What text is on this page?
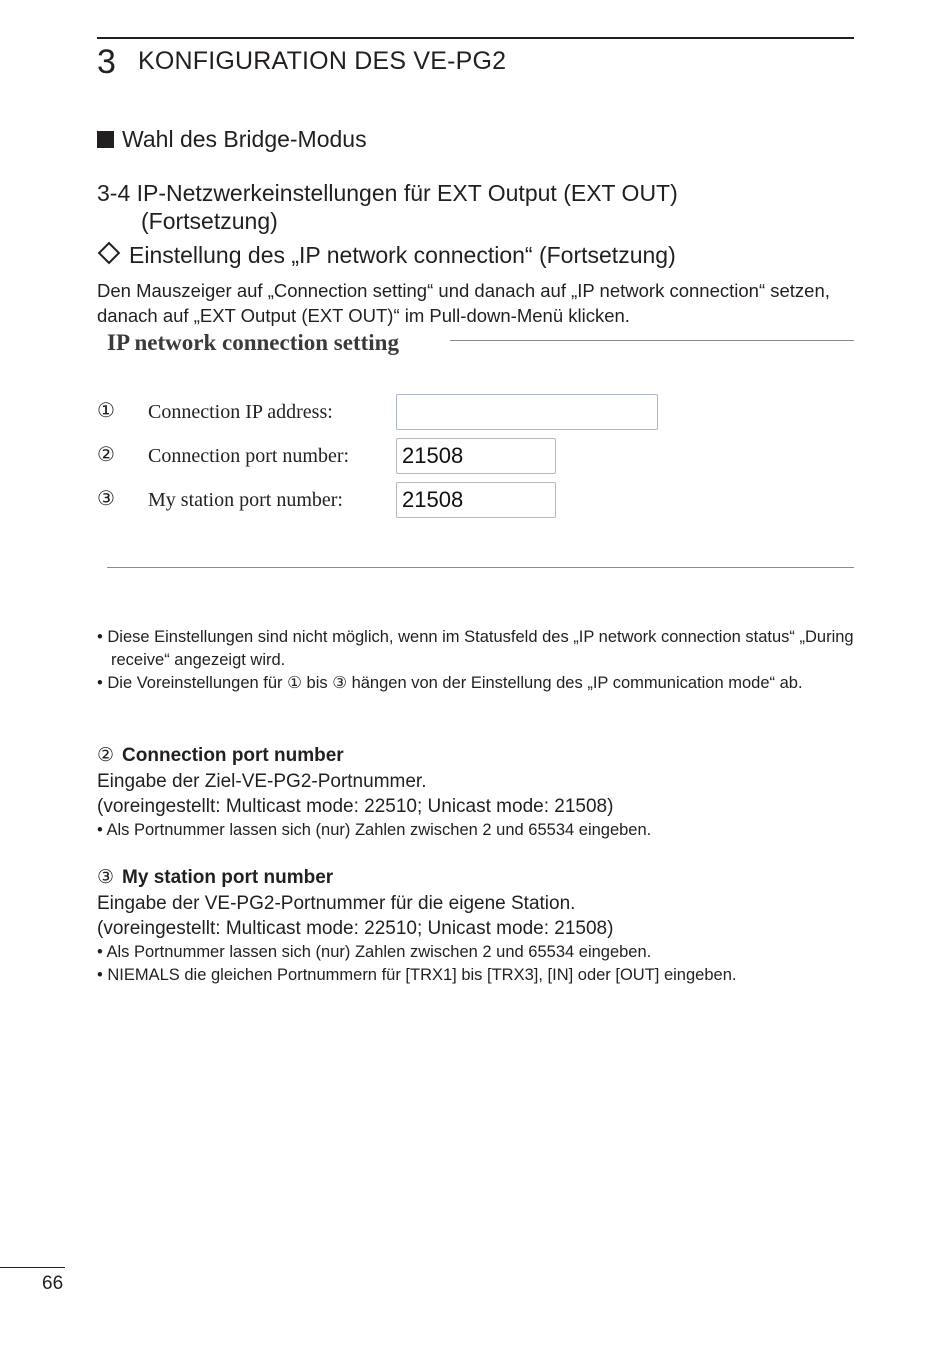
3 KONFIGURATION DES VE-PG2
Wahl des Bridge-Modus
3-4 IP-Netzwerkeinstellungen für EXT Output (EXT OUT)
(Fortsetzung)
Einstellung des „IP network connection“ (Fortsetzung)
Den Mauszeiger auf „Connection setting“ und danach auf „IP network connection“ setzen, danach auf „EXT Output (EXT OUT)“ im Pull-down-Menü klicken.
IP network connection setting
① Connection IP address:
② Connection port number:
21508
③ My station port number:
21508
• Diese Einstellungen sind nicht möglich, wenn im Statusfeld des „IP network connection status“ „During receive“ angezeigt wird.
• Die Voreinstellungen für ① bis ③ hängen von der Einstellung des „IP communication mode“ ab.
② Connection port number
Eingabe der Ziel-VE-PG2-Portnummer.
(voreingestellt: Multicast mode: 22510; Unicast mode: 21508)
• Als Portnummer lassen sich (nur) Zahlen zwischen 2 und 65534 eingeben.
③ My station port number
Eingabe der VE-PG2-Portnummer für die eigene Station.
(voreingestellt: Multicast mode: 22510; Unicast mode: 21508)
• Als Portnummer lassen sich (nur) Zahlen zwischen 2 und 65534 eingeben.
• NIEMALS die gleichen Portnummern für [TRX1] bis [TRX3], [IN] oder [OUT] eingeben.
66
